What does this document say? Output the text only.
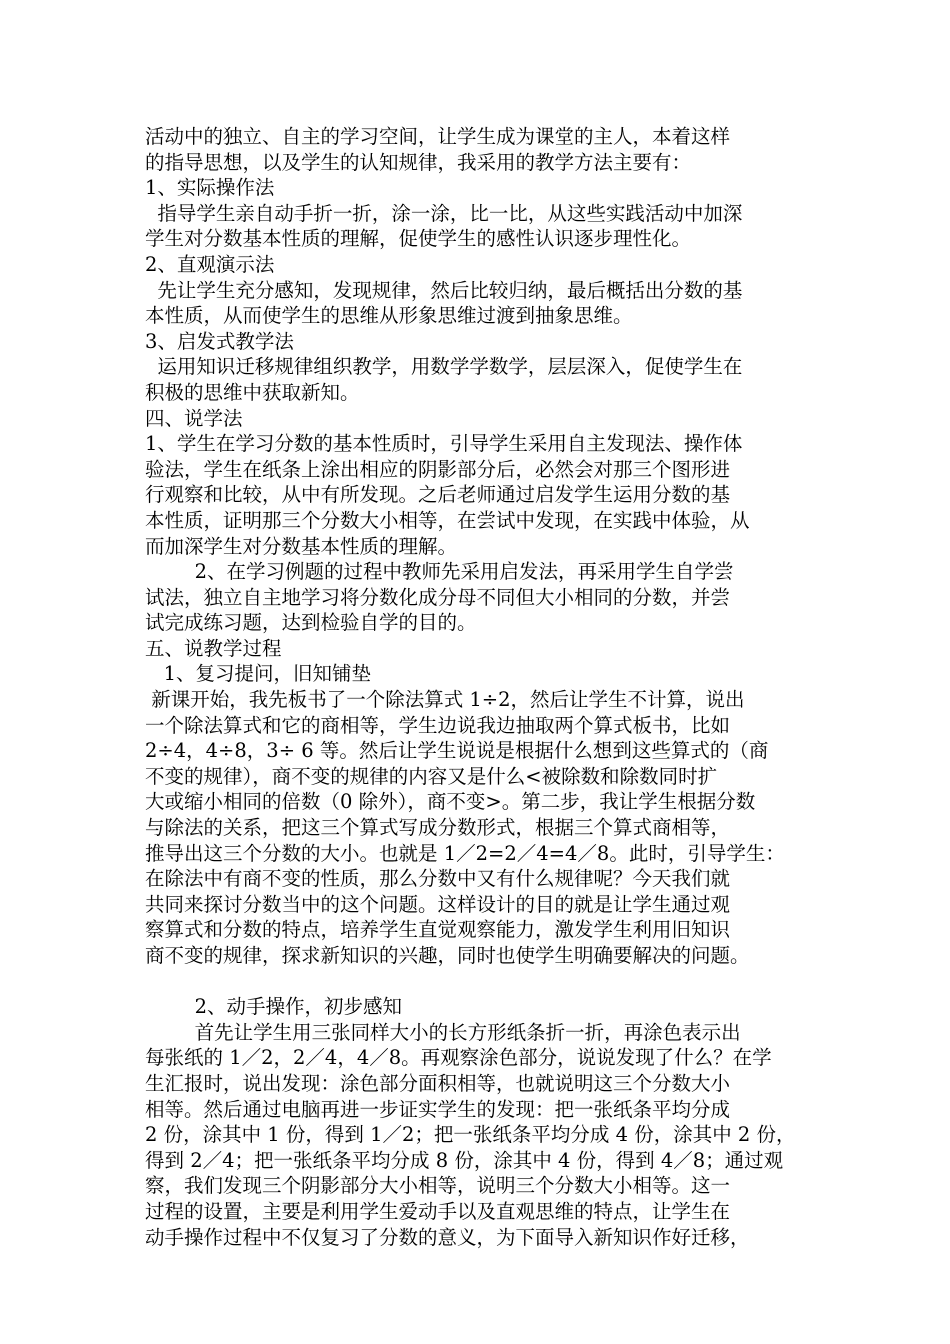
活动中的独立、自主的学习空间，让学生成为课堂的主人，本着这样
的指导思想，以及学生的认知规律，我采用的教学方法主要有：
1、实际操作法
指导学生亲自动手折一折，涂一涂，比一比，从这些实践活动中加深
学生对分数基本性质的理解，促使学生的感性认识逐步理性化。
2、直观演示法
先让学生充分感知，发现规律，然后比较归纳，最后概括出分数的基
本性质，从而使学生的思维从形象思维过渡到抽象思维。
3、启发式教学法
运用知识迁移规律组织教学，用数学学数学，层层深入，促使学生在
积极的思维中获取新知。
四、说学法
1、学生在学习分数的基本性质时，引导学生采用自主发现法、操作体
验法，学生在纸条上涂出相应的阴影部分后，必然会对那三个图形进
行观察和比较，从中有所发现。之后老师通过启发学生运用分数的基
本性质，证明那三个分数大小相等，在尝试中发现，在实践中体验，从
而加深学生对分数基本性质的理解。
2、在学习例题的过程中教师先采用启发法，再采用学生自学尝
试法，独立自主地学习将分数化成分母不同但大小相同的分数，并尝
试完成练习题，达到检验自学的目的。
五、说教学过程
1、复习提问，旧知铺垫
新课开始，我先板书了一个除法算式 1÷2，然后让学生不计算，说出
一个除法算式和它的商相等，学生边说我边抽取两个算式板书，比如
2÷4，4÷8，3÷ 6 等。然后让学生说说是根据什么想到这些算式的（商
不变的规律），商不变的规律的内容又是什么<被除数和除数同时扩
大或缩小相同的倍数（0 除外），商不变>。第二步，我让学生根据分数
与除法的关系，把这三个算式写成分数形式，根据三个算式商相等，
推导出这三个分数的大小。也就是 1／2=2／4=4／8。此时，引导学生：
在除法中有商不变的性质，那么分数中又有什么规律呢？今天我们就
共同来探讨分数当中的这个问题。这样设计的目的就是让学生通过观
察算式和分数的特点，培养学生直觉观察能力，激发学生利用旧知识
商不变的规律，探求新知识的兴趣，同时也使学生明确要解决的问题。
2、动手操作，初步感知
首先让学生用三张同样大小的长方形纸条折一折，再涂色表示出
每张纸的 1／2，2／4，4／8。再观察涂色部分，说说发现了什么？在学
生汇报时，说出发现：涂色部分面积相等，也就说明这三个分数大小
相等。然后通过电脑再进一步证实学生的发现：把一张纸条平均分成
2 份，涂其中 1 份，得到 1／2；把一张纸条平均分成 4 份，涂其中 2 份，
得到 2／4；把一张纸条平均分成 8 份，涂其中 4 份，得到 4／8；通过观
察，我们发现三个阴影部分大小相等，说明三个分数大小相等。这一
过程的设置，主要是利用学生爱动手以及直观思维的特点，让学生在
动手操作过程中不仅复习了分数的意义，为下面导入新知识作好迁移，
